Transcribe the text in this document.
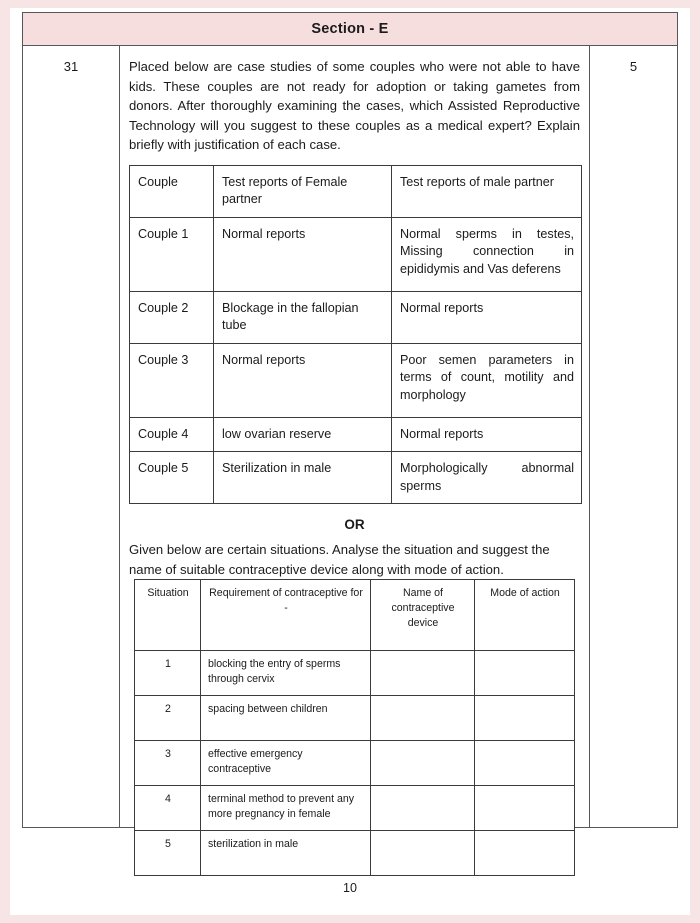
Section - E
31	Placed below are case studies of some couples who were not able to have kids. These couples are not ready for adoption or taking gametes from donors. After thoroughly examining the cases, which Assisted Reproductive Technology will you suggest to these couples as a medical expert? Explain briefly with justification of each case.

Couple	Test reports of Female partner	Test reports of male partner
Couple 1	Normal reports	Normal sperms in testes, Missing connection in epididymis and Vas deferens
Couple 2	Blockage in the fallopian tube	Normal reports
Couple 3	Normal reports	Poor semen parameters in terms of count, motility and morphology
Couple 4	low ovarian reserve	Normal reports
Couple 5	Sterilization in male	Morphologically abnormal sperms
OR

Given below are certain situations. Analyse the situation and suggest the name of suitable contraceptive device along with mode of action.

Situation	Requirement of contraceptive for -	Name of contraceptive device	Mode of action
1	blocking the entry of sperms through cervix		
2	spacing between children		
3	effective emergency contraceptive		
4	terminal method to prevent any more pregnancy in female		
5	sterilization in male		
5
10
